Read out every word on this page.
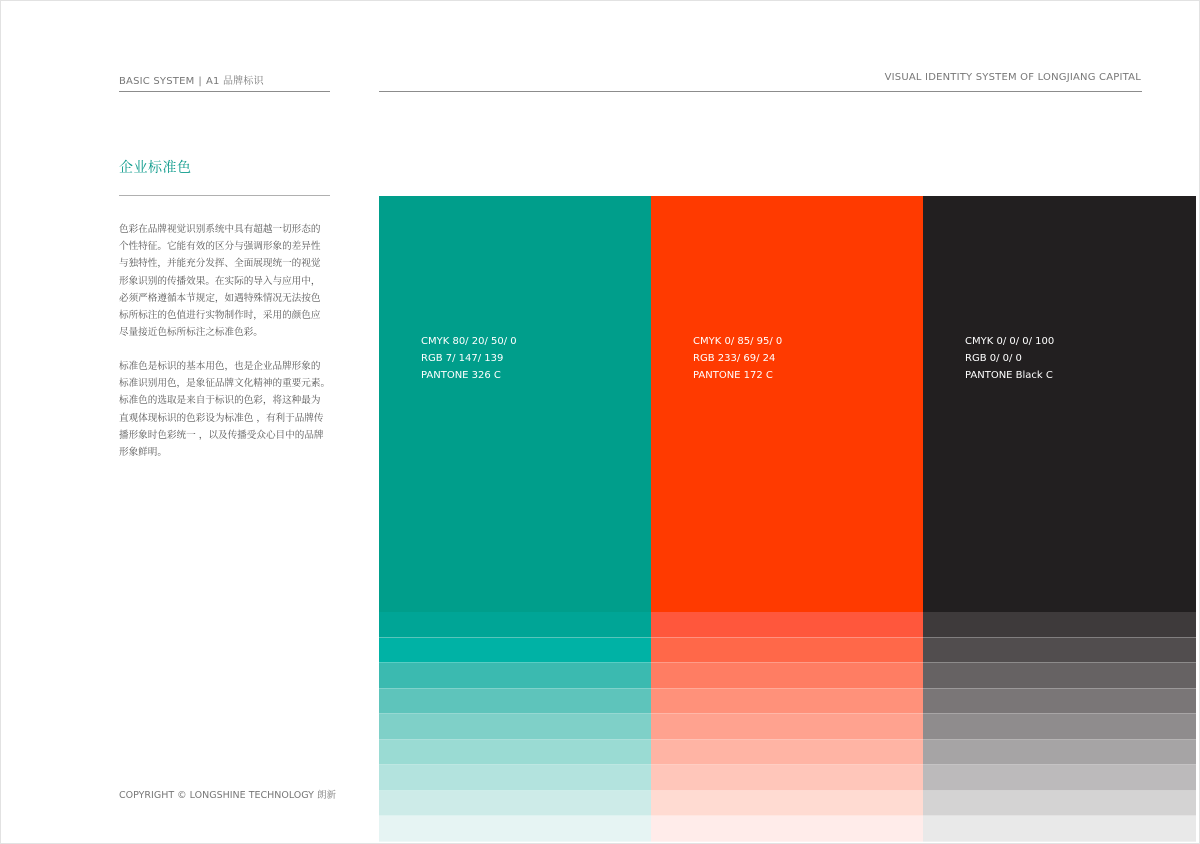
BASIC SYSTEM | A1 品牌标识	VISUAL IDENTITY SYSTEM OF LONGJIANG CAPITAL
企业标准色
色彩在品牌视觉识别系统中具有超越一切形态的
个性特征。它能有效的区分与强调形象的差异性
与独特性，并能充分发挥、全面展现统一的视觉
形象识别的传播效果。在实际的导入与应用中，
必须严格遵循本节规定，如遇特殊情况无法按色
标所标注的色值进行实物制作时，采用的颜色应
尽量接近色标所标注之标准色彩。
标准色是标识的基本用色，也是企业品牌形象的
标准识别用色，是象征品牌文化精神的重要元素。
标准色的选取是来自于标识的色彩，将这种最为
直观体现标识的色彩设为标准色 ，有利于品牌传
播形象时色彩统一 ，以及传播受众心目中的品牌
形象鲜明。
COPYRIGHT © LONGSHINE TECHNOLOGY 朗新
CMYK 80/ 20/ 50/ 0
RGB 7/ 147/ 139
PANTONE 326 C
CMYK 0/ 85/ 95/ 0
RGB 233/ 69/ 24
PANTONE 172 C
CMYK 0/ 0/ 0/ 100
RGB 0/ 0/ 0
PANTONE Black C
